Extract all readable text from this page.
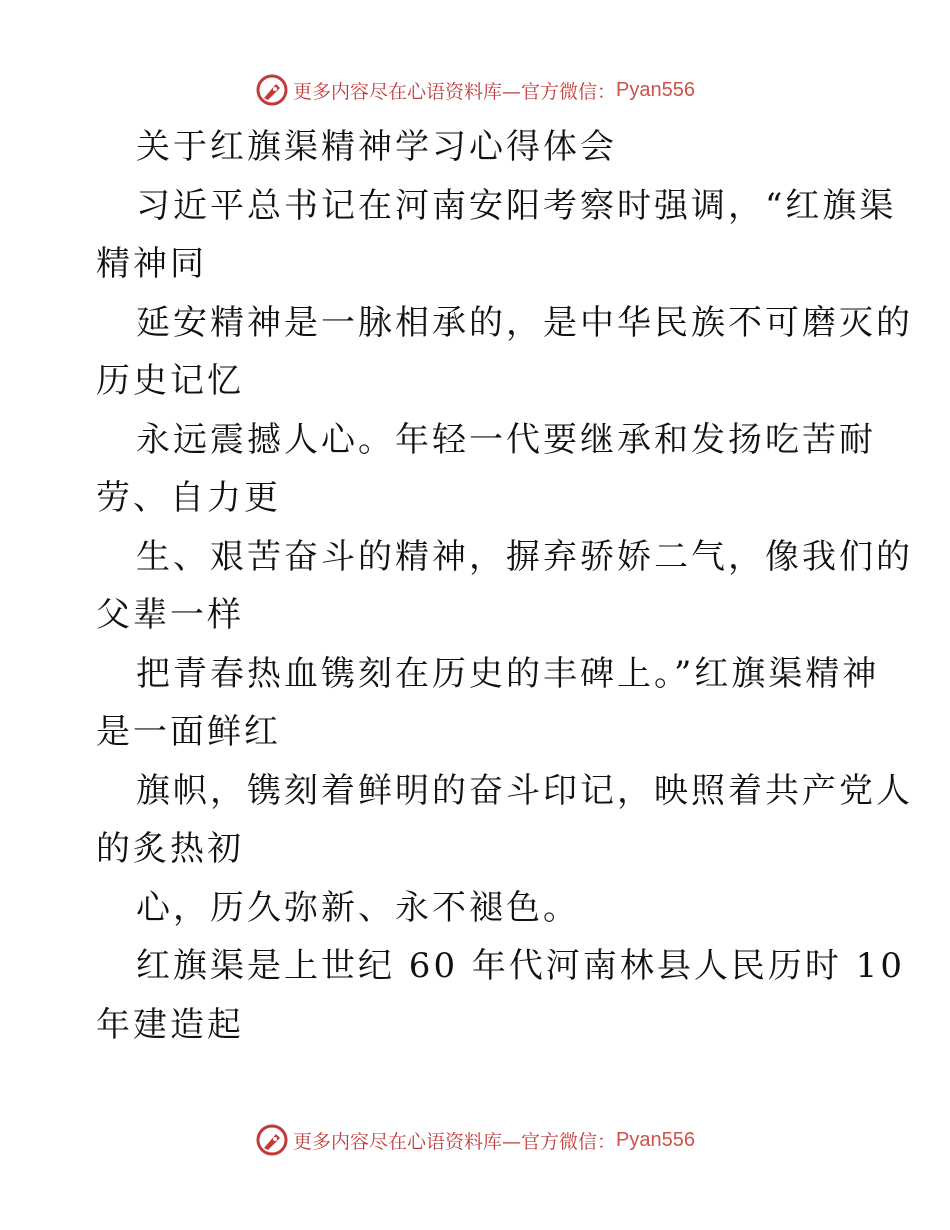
更多内容尽在心语资料库—官方微信： Pyan556
关于红旗渠精神学习心得体会
习近平总书记在河南安阳考察时强调，“红旗渠
精神同
延安精神是一脉相承的，是中华民族不可磨灭的
历史记忆
永远震撼人心。年轻一代要继承和发扬吃苦耐
劳、自力更
生、艰苦奋斗的精神，摒弃骄娇二气，像我们的
父辈一样
把青春热血镌刻在历史的丰碑上。”红旗渠精神
是一面鲜红
旗帜，镌刻着鲜明的奋斗印记，映照着共产党人
的炙热初
心，历久弥新、永不褪色。
红旗渠是上世纪 60 年代河南林县人民历时 10
年建造起
更多内容尽在心语资料库—官方微信： Pyan556
